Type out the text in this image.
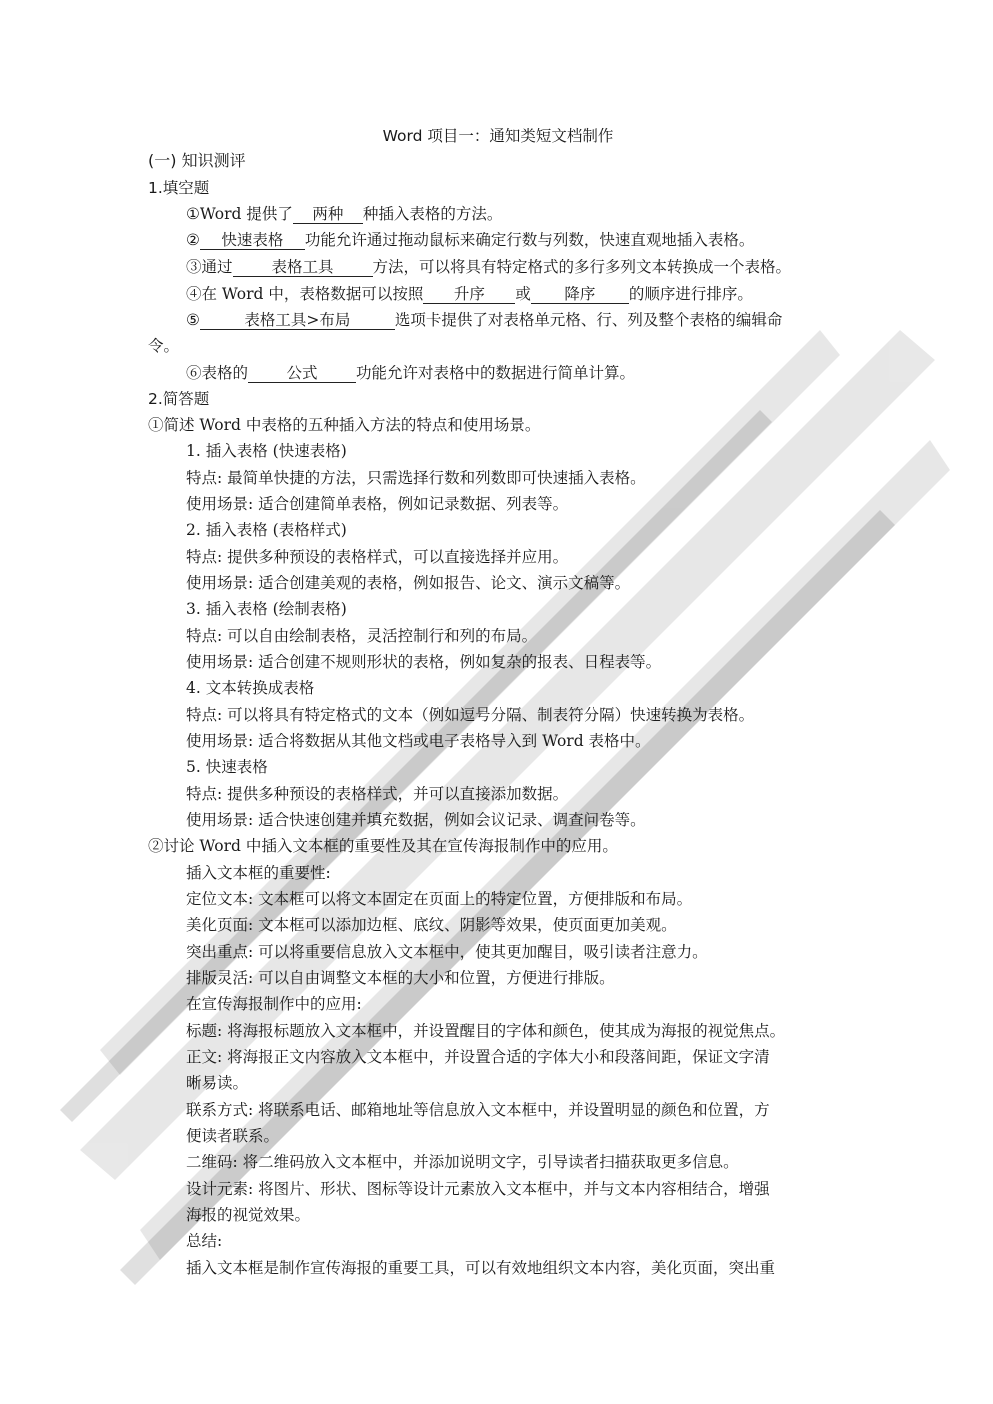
Word 项目一：通知类短文档制作
(一) 知识测评
1.填空题
①Word 提供了 两种 种插入表格的方法。
② 快速表格 功能允许通过拖动鼠标来确定行数与列数，快速直观地插入表格。
③通过	表格工具	方法，可以将具有特定格式的多行多列文本转换成一个表格。
④在 Word 中，表格数据可以按照 升序 或 降序 的顺序进行排序。
⑤	表格工具>布局	选项卡提供了对表格单元格、行、列及整个表格的编辑命
令。
⑥表格的 公式 功能允许对表格中的数据进行简单计算。
2.简答题
①简述 Word 中表格的五种插入方法的特点和使用场景。
1. 插入表格 (快速表格)
特点: 最简单快捷的方法，只需选择行数和列数即可快速插入表格。
使用场景: 适合创建简单表格，例如记录数据、列表等。
2. 插入表格 (表格样式)
特点: 提供多种预设的表格样式，可以直接选择并应用。
使用场景: 适合创建美观的表格，例如报告、论文、演示文稿等。
3. 插入表格 (绘制表格)
特点: 可以自由绘制表格，灵活控制行和列的布局。
使用场景: 适合创建不规则形状的表格，例如复杂的报表、日程表等。
4. 文本转换成表格
特点: 可以将具有特定格式的文本（例如逗号分隔、制表符分隔）快速转换为表格。
使用场景: 适合将数据从其他文档或电子表格导入到 Word 表格中。
5. 快速表格
特点: 提供多种预设的表格样式，并可以直接添加数据。
使用场景: 适合快速创建并填充数据，例如会议记录、调查问卷等。
②讨论 Word 中插入文本框的重要性及其在宣传海报制作中的应用。
插入文本框的重要性:
定位文本: 文本框可以将文本固定在页面上的特定位置，方便排版和布局。
美化页面: 文本框可以添加边框、底纹、阴影等效果，使页面更加美观。
突出重点: 可以将重要信息放入文本框中，使其更加醒目，吸引读者注意力。
排版灵活: 可以自由调整文本框的大小和位置，方便进行排版。
在宣传海报制作中的应用:
标题: 将海报标题放入文本框中，并设置醒目的字体和颜色，使其成为海报的视觉焦点。
正文: 将海报正文内容放入文本框中，并设置合适的字体大小和段落间距，保证文字清
晰易读。
联系方式: 将联系电话、邮箱地址等信息放入文本框中，并设置明显的颜色和位置，方
便读者联系。
二维码: 将二维码放入文本框中，并添加说明文字，引导读者扫描获取更多信息。
设计元素: 将图片、形状、图标等设计元素放入文本框中，并与文本内容相结合，增强
海报的视觉效果。
总结:
插入文本框是制作宣传海报的重要工具，可以有效地组织文本内容，美化页面，突出重
